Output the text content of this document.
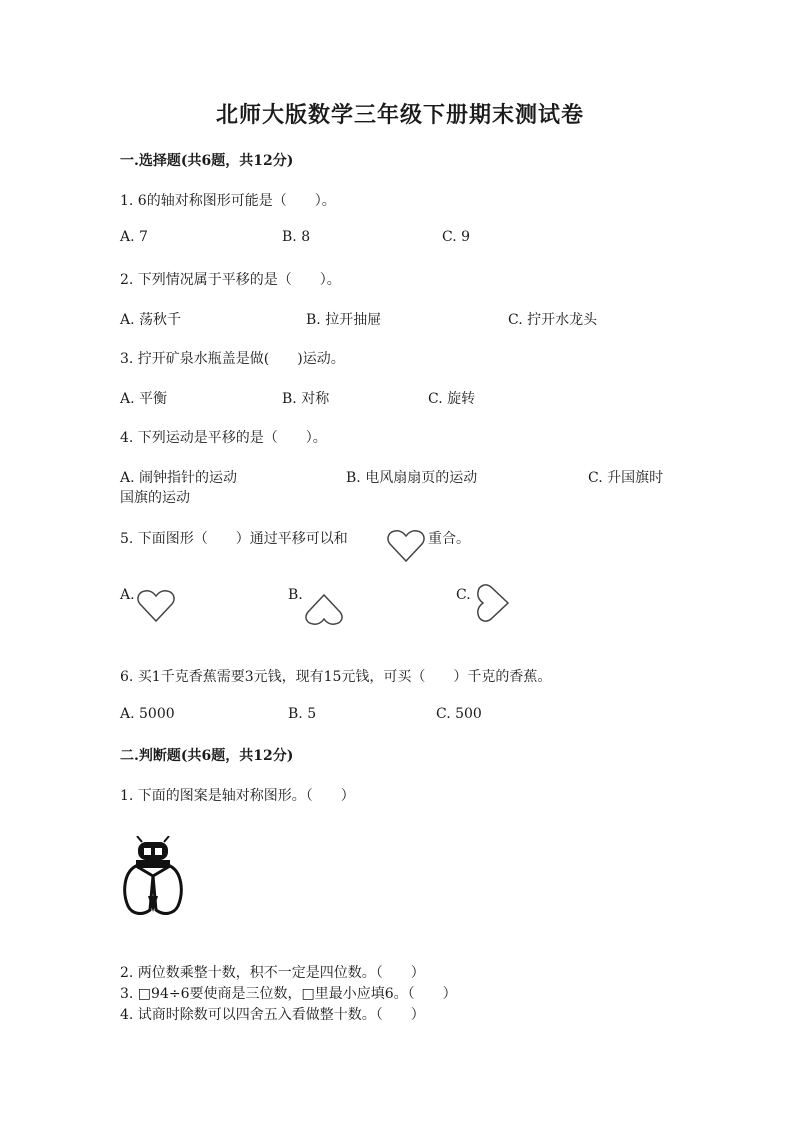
北师大版数学三年级下册期末测试卷
一.选择题(共6题，共12分)
1. 6的轴对称图形可能是（　　）。
A. 7	B. 8	C. 9
2. 下列情况属于平移的是（　　）。
A. 荡秋千	B. 拉开抽屉	C. 拧开水龙头
3. 拧开矿泉水瓶盖是做(　　)运动。
A. 平衡	B. 对称	C. 旋转
4. 下列运动是平移的是（　　）。
A. 闹钟指针的运动	B. 电风扇扇页的运动	C. 升国旗时
国旗的运动
5. 下面图形（　　）通过平移可以和	重合。
A.	B.	C.
6. 买1千克香蕉需要3元钱，现有15元钱，可买（　　）千克的香蕉。
A. 5000	B. 5	C. 500
二.判断题(共6题，共12分)
1. 下面的图案是轴对称图形。（　　）
2. 两位数乘整十数，积不一定是四位数。（　　）
3. □94÷6要使商是三位数，□里最小应填6。（　　）
4. 试商时除数可以四舍五入看做整十数。（　　）
